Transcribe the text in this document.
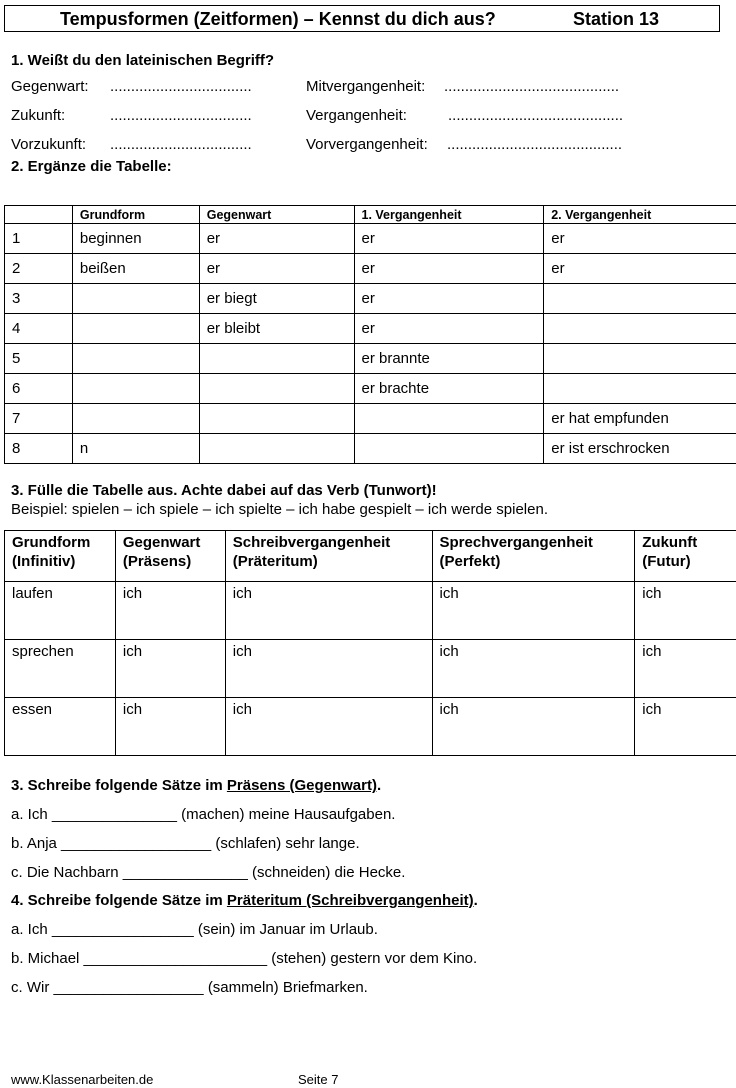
Tempusformen (Zeitformen) – Kennst du dich aus?	Station 13
1. Weißt du den lateinischen Begriff?
Gegenwart: ..................................	Mitvergangenheit: ..........................................
Zukunft:	..................................	Vergangenheit:	..........................................
Vorzukunft: ..................................	Vorvergangenheit: ..........................................
2. Ergänze die Tabelle:
	Grundform	Gegenwart	1. Vergangenheit	2. Vergangenheit
1	beginnen	er	er	er
2	beißen	er	er	er
3		er biegt	er	
4		er bleibt	er	
5			er brannte	
6			er brachte	
7				er hat empfunden
8	n			er ist erschrocken
3. Fülle die Tabelle aus. Achte dabei auf das Verb (Tunwort)!
Beispiel: spielen – ich spiele – ich spielte – ich habe gespielt – ich werde spielen.
Grundform
(Infinitiv)	Gegenwart
(Präsens)	Schreibvergangenheit
(Präteritum)	Sprechvergangenheit
(Perfekt)	Zukunft
(Futur)
laufen	ich	ich	ich	ich
sprechen	ich	ich	ich	ich
essen	ich	ich	ich	ich
3. Schreibe folgende Sätze im Präsens (Gegenwart).
a. Ich _______________ (machen) meine Hausaufgaben.
b. Anja __________________ (schlafen) sehr lange.
c. Die Nachbarn _______________ (schneiden) die Hecke.
4. Schreibe folgende Sätze im Präteritum (Schreibvergangenheit).
a. Ich _________________ (sein) im Januar im Urlaub.
b. Michael ______________________ (stehen) gestern vor dem Kino.
c. Wir __________________ (sammeln) Briefmarken.
www.Klassenarbeiten.de	Seite 7
